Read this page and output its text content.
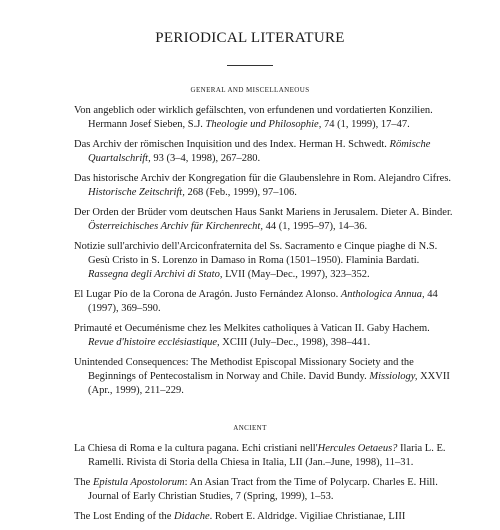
PERIODICAL LITERATURE
GENERAL AND MISCELLANEOUS

Von angeblich oder wirklich gefälschten, von erfundenen und vordatierten Konzilien. Hermann Josef Sieben, S.J. Theologie und Philosophie, 74 (1, 1999), 17–47.

Das Archiv der römischen Inquisition und des Index. Herman H. Schwedt. Römische Quartalschrift, 93 (3–4, 1998), 267–280.

Das historische Archiv der Kongregation für die Glaubenslehre in Rom. Alejandro Cifres. Historische Zeitschrift, 268 (Feb., 1999), 97–106.

Der Orden der Brüder vom deutschen Haus Sankt Mariens in Jerusalem. Dieter A. Binder. Österreichisches Archiv für Kirchenrecht, 44 (1, 1995–97), 14–36.

Notizie sull'archivio dell'Arciconfraternita del Ss. Sacramento e Cinque piaghe di N.S. Gesù Cristo in S. Lorenzo in Damaso in Roma (1501–1950). Flaminia Bardati. Rassegna degli Archivi di Stato, LVII (May–Dec., 1997), 323–352.

El Lugar Pío de la Corona de Aragón. Justo Fernández Alonso. Anthologica Annua, 44 (1997), 369–590.

Primauté et Oecuménisme chez les Melkites catholiques à Vatican II. Gaby Hachem. Revue d'histoire ecclésiastique, XCIII (July–Dec., 1998), 398–441.

Unintended Consequences: The Methodist Episcopal Missionary Society and the Beginnings of Pentecostalism in Norway and Chile. David Bundy. Missiology, XXVII (Apr., 1999), 211–229.

ANCIENT

La Chiesa di Roma e la cultura pagana. Echi cristiani nell'Hercules Oetaeus? Ilaria L. E. Ramelli. Rivista di Storia della Chiesa in Italia, LII (Jan.–June, 1998), 11–31.

The Epistula Apostolorum: An Asian Tract from the Time of Polycarp. Charles E. Hill. Journal of Early Christian Studies, 7 (Spring, 1999), 1–53.

The Lost Ending of the Didache. Robert E. Aldridge. Vigiliae Christianae, LIII
